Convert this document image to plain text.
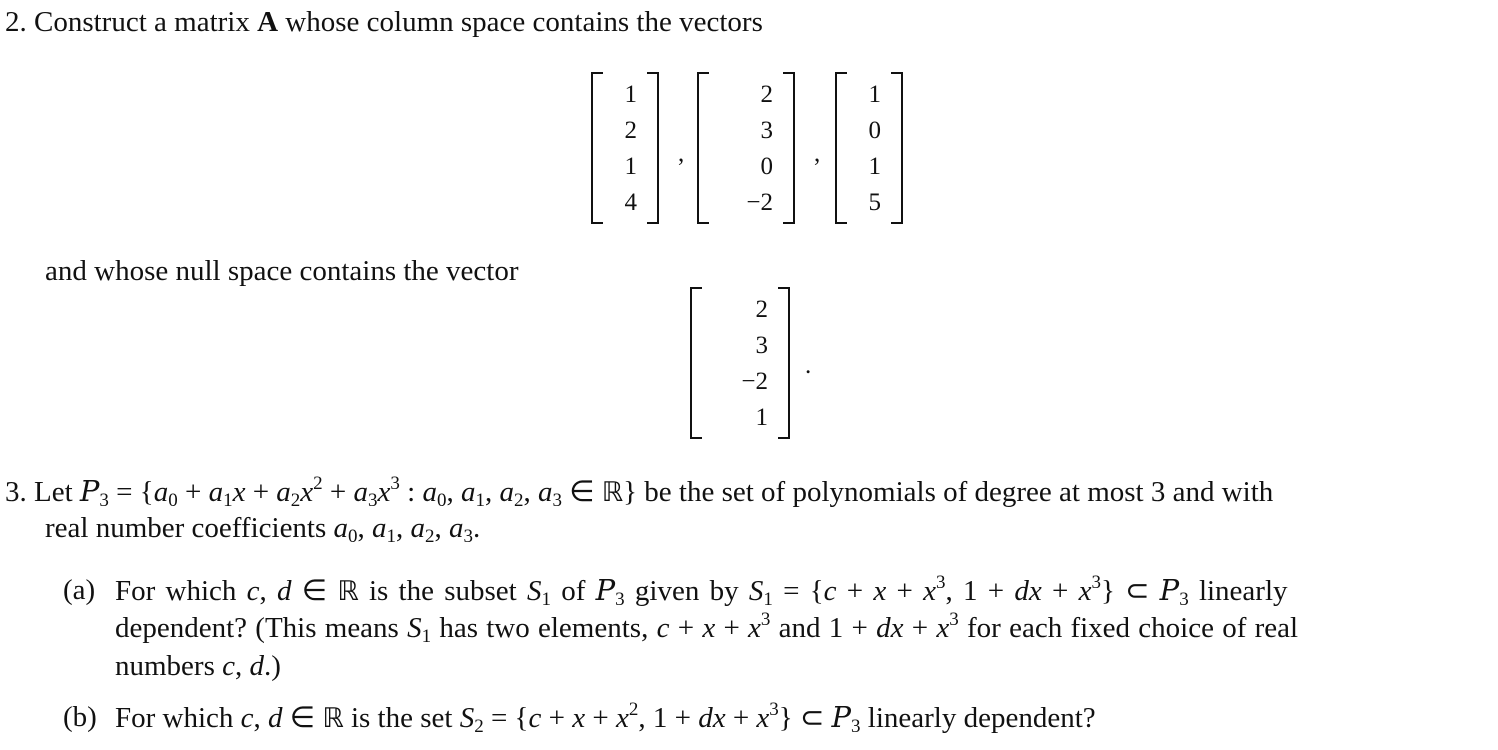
2. Construct a matrix A whose column space contains the vectors
1
2
1
4
,
2
3
0
−2
,
1
0
1
5
and whose null space contains the vector
2
3
−2
1
.
3. Let $P_3 = \{a_0 + a_1x + a_2x^2 + a_3x^3$ : $a_0$, $a_1$, $a_2$, $a_3$ ∈ ℝ} be the set of polynomials of degree at most 3 and with
real number coefficients $a_0$, $a_1$, $a_2$, $a_3$.
(a) For which c, d ∈ ℝ is the subset $S_1$ of $P_3$ given by $S_1 = \{c + x + x^3$, 1 + dx + $x^3$} ⊂ $P_3$ linearly
dependent? (This means $S_1$ has two elements, $c + x + x^3$ and 1 + dx + $x^3$ for each fixed choice of real
numbers c, d.)
(b) For which c, d ∈ ℝ is the set $S_2 = \{c + x + x^2$, 1 + dx + $x^3$} ⊂ $P_3$ linearly dependent?
